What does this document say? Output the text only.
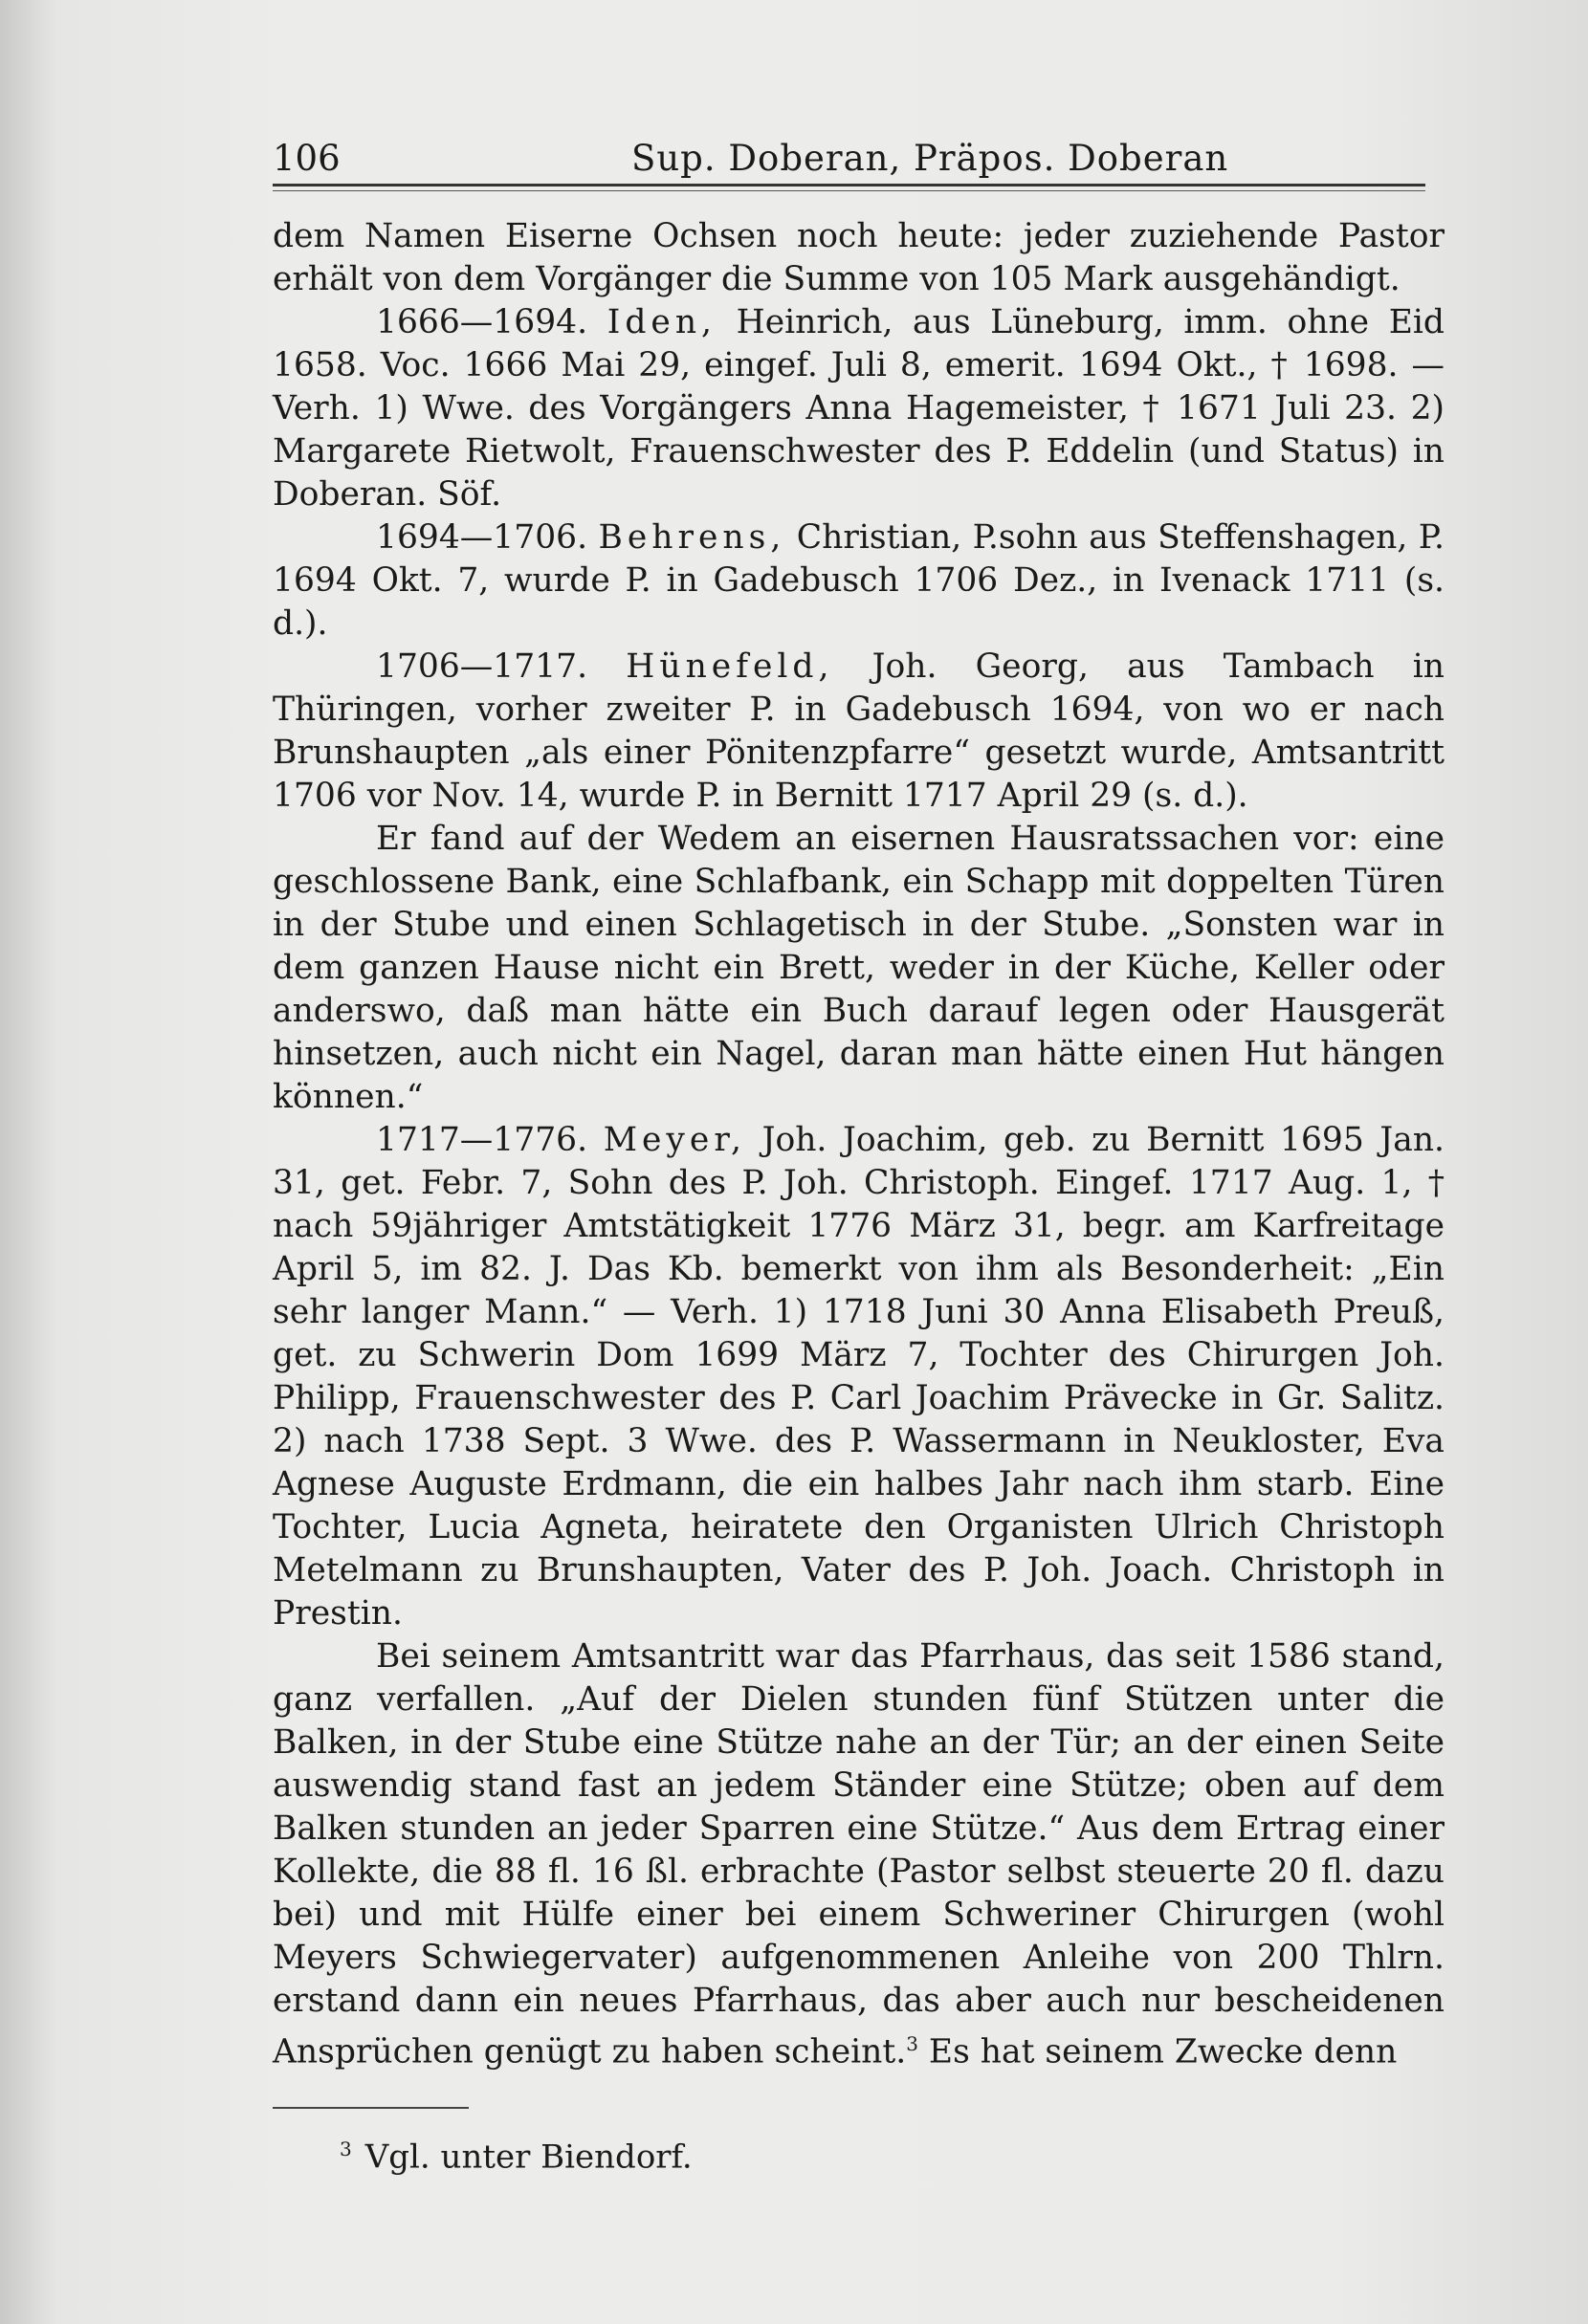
106	Sup. Doberan, Präpos. Doberan

dem Namen Eiserne Ochsen noch heute: jeder zuziehende Pastor erhält von dem Vorgänger die Summe von 105 Mark ausgehändigt.

1666—1694. Iden, Heinrich, aus Lüneburg, imm. ohne Eid 1658. Voc. 1666 Mai 29, eingef. Juli 8, emerit. 1694 Okt., † 1698. — Verh. 1) Wwe. des Vorgängers Anna Hagemeister, † 1671 Juli 23. 2) Margarete Rietwolt, Frauenschwester des P. Eddelin (und Status) in Doberan. Söf.

1694—1706. Behrens, Christian, P.sohn aus Steffenshagen, P. 1694 Okt. 7, wurde P. in Gadebusch 1706 Dez., in Ivenack 1711 (s. d.).

1706—1717. Hünefeld, Joh. Georg, aus Tambach in Thüringen, vorher zweiter P. in Gadebusch 1694, von wo er nach Brunshaupten „als einer Pönitenzpfarre“ gesetzt wurde, Amtsantritt 1706 vor Nov. 14, wurde P. in Bernitt 1717 April 29 (s. d.).

Er fand auf der Wedem an eisernen Hausratssachen vor: eine geschlossene Bank, eine Schlafbank, ein Schapp mit doppelten Türen in der Stube und einen Schlagetisch in der Stube. „Sonsten war in dem ganzen Hause nicht ein Brett, weder in der Küche, Keller oder anderswo, daß man hätte ein Buch darauf legen oder Hausgerät hinsetzen, auch nicht ein Nagel, daran man hätte einen Hut hängen können.“

1717—1776. Meyer, Joh. Joachim, geb. zu Bernitt 1695 Jan. 31, get. Febr. 7, Sohn des P. Joh. Christoph. Eingef. 1717 Aug. 1, † nach 59jähriger Amtstätigkeit 1776 März 31, begr. am Karfreitage April 5, im 82. J. Das Kb. bemerkt von ihm als Besonderheit: „Ein sehr langer Mann.“ — Verh. 1) 1718 Juni 30 Anna Elisabeth Preuß, get. zu Schwerin Dom 1699 März 7, Tochter des Chirurgen Joh. Philipp, Frauenschwester des P. Carl Joachim Prävecke in Gr. Salitz. 2) nach 1738 Sept. 3 Wwe. des P. Wassermann in Neukloster, Eva Agnese Auguste Erdmann, die ein halbes Jahr nach ihm starb. Eine Tochter, Lucia Agneta, heiratete den Organisten Ulrich Christoph Metelmann zu Brunshaupten, Vater des P. Joh. Joach. Christoph in Prestin.

Bei seinem Amtsantritt war das Pfarrhaus, das seit 1586 stand, ganz verfallen. „Auf der Dielen stunden fünf Stützen unter die Balken, in der Stube eine Stütze nahe an der Tür; an der einen Seite auswendig stand fast an jedem Ständer eine Stütze; oben auf dem Balken stunden an jeder Sparren eine Stütze.“ Aus dem Ertrag einer Kollekte, die 88 fl. 16 ßl. erbrachte (Pastor selbst steuerte 20 fl. dazu bei) und mit Hülfe einer bei einem Schweriner Chirurgen (wohl Meyers Schwiegervater) aufgenommenen Anleihe von 200 Thlrn. erstand dann ein neues Pfarrhaus, das aber auch nur bescheidenen Ansprüchen genügt zu haben scheint.$^3$ Es hat seinem Zwecke denn

$^3$ Vgl. unter Biendorf.
